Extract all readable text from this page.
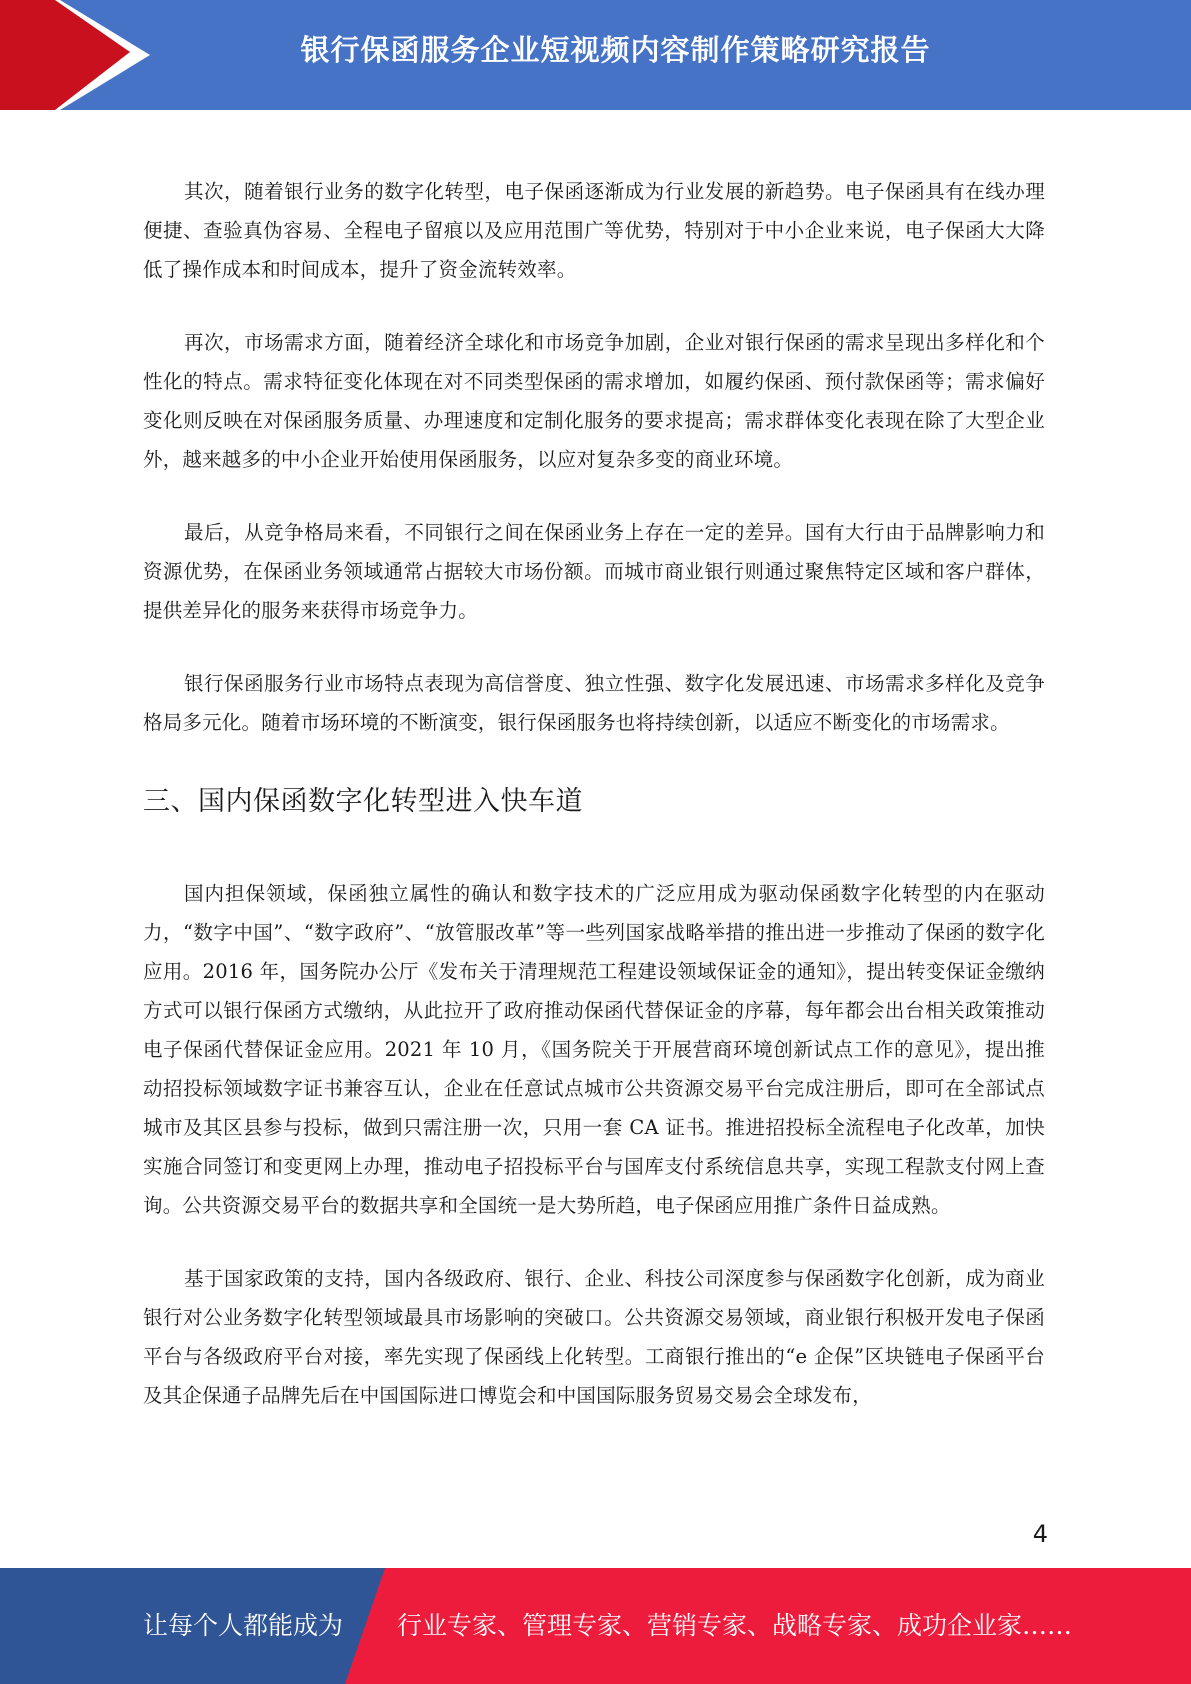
银行保函服务企业短视频内容制作策略研究报告

其次，随着银行业务的数字化转型，电子保函逐渐成为行业发展的新趋势。电子保函具有在线办理便捷、查验真伪容易、全程电子留痕以及应用范围广等优势，特别对于中小企业来说，电子保函大大降低了操作成本和时间成本，提升了资金流转效率。

再次，市场需求方面，随着经济全球化和市场竞争加剧，企业对银行保函的需求呈现出多样化和个性化的特点。需求特征变化体现在对不同类型保函的需求增加，如履约保函、预付款保函等；需求偏好变化则反映在对保函服务质量、办理速度和定制化服务的要求提高；需求群体变化表现在除了大型企业外，越来越多的中小企业开始使用保函服务，以应对复杂多变的商业环境。

最后，从竞争格局来看，不同银行之间在保函业务上存在一定的差异。国有大行由于品牌影响力和资源优势，在保函业务领域通常占据较大市场份额。而城市商业银行则通过聚焦特定区域和客户群体，提供差异化的服务来获得市场竞争力。

银行保函服务行业市场特点表现为高信誉度、独立性强、数字化发展迅速、市场需求多样化及竞争格局多元化。随着市场环境的不断演变，银行保函服务也将持续创新，以适应不断变化的市场需求。

三、国内保函数字化转型进入快车道

国内担保领域，保函独立属性的确认和数字技术的广泛应用成为驱动保函数字化转型的内在驱动力，“数字中国”、“数字政府”、“放管服改革”等一些列国家战略举措的推出进一步推动了保函的数字化应用。2016 年，国务院办公厅《发布关于清理规范工程建设领域保证金的通知》，提出转变保证金缴纳方式可以银行保函方式缴纳，从此拉开了政府推动保函代替保证金的序幕，每年都会出台相关政策推动电子保函代替保证金应用。2021 年 10 月，《国务院关于开展营商环境创新试点工作的意见》，提出推动招投标领域数字证书兼容互认，企业在任意试点城市公共资源交易平台完成注册后，即可在全部试点城市及其区县参与投标，做到只需注册一次，只用一套 CA 证书。推进招投标全流程电子化改革，加快实施合同签订和变更网上办理，推动电子招投标平台与国库支付系统信息共享，实现工程款支付网上查询。公共资源交易平台的数据共享和全国统一是大势所趋，电子保函应用推广条件日益成熟。

基于国家政策的支持，国内各级政府、银行、企业、科技公司深度参与保函数字化创新，成为商业银行对公业务数字化转型领域最具市场影响的突破口。公共资源交易领域，商业银行积极开发电子保函平台与各级政府平台对接，率先实现了保函线上化转型。工商银行推出的“e 企保”区块链电子保函平台及其企保通子品牌先后在中国国际进口博览会和中国国际服务贸易交易会全球发布，

4
让每个人都能成为 行业专家、管理专家、营销专家、战略专家、成功企业家……
